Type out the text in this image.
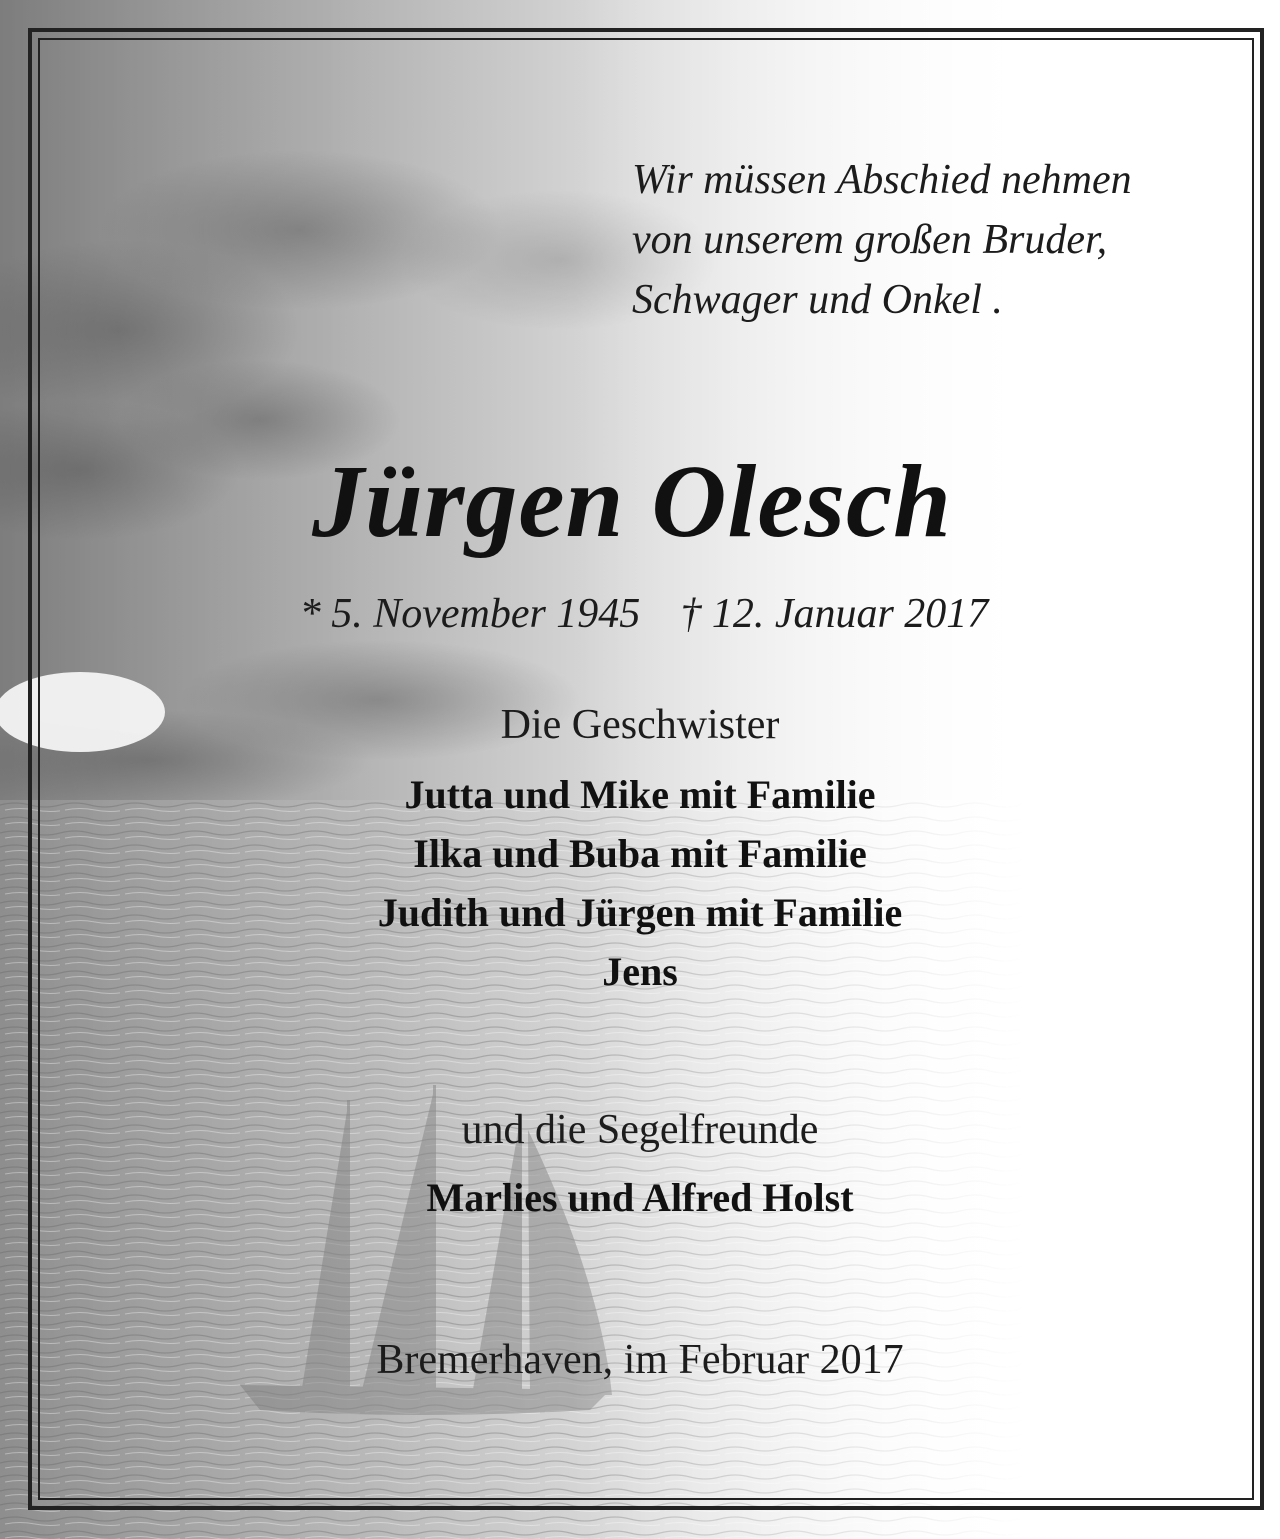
Wir müssen Abschied nehmen
von unserem großen Bruder,
Schwager und Onkel .
Jürgen Olesch
* 5. November 1945 † 12. Januar 2017
Die Geschwister
Jutta und Mike mit Familie
Ilka und Buba mit Familie
Judith und Jürgen mit Familie
Jens
und die Segelfreunde
Marlies und Alfred Holst
Bremerhaven, im Februar 2017
